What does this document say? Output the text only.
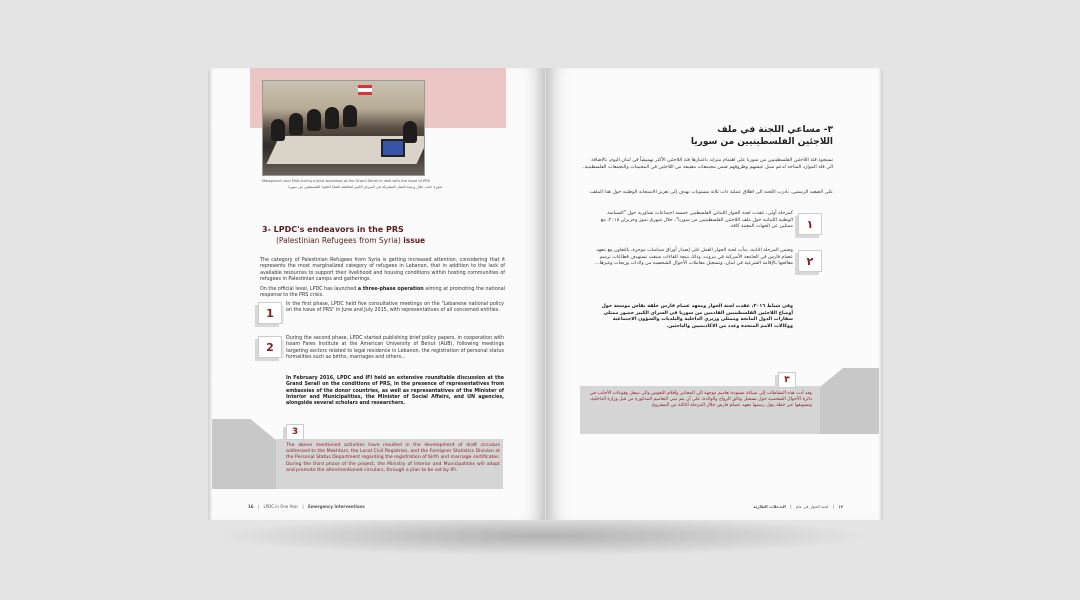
Mawgrouch and Mild during a joint workshop at the Grand Serail in deal with the issue of PRS
صورة جانب خلال ورشة العمل المشتركة في السراي الكبير لمناقشة قضايا اللجوء الفلسطيني من سوريا
3- LPDC's endeavors in the PRS
(Palestinian Refugees from Syria) issue
The category of Palestinian Refugees from Syria is getting increased attention, considering that it represents the most marginalized category of refugees in Lebanon, that in addition to the lack of available resources to support their livelihood and housing conditions within hosting communities of refugees in Palestinian camps and gatherings.
On the official level, LPDC has launched a three-phase operation aiming at promoting the national response to the PRS crisis.
1
In the first phase, LPDC held five consultative meetings on the "Lebanese national policy on the issue of PRS" in June and July 2015, with representatives of all concerned entities.
2
During the second phase, LPDC started publishing brief policy papers, in cooperation with Issam Fares Institute at the American University of Beirut (AUB), following meetings targeting sectors related to legal residence in Lebanon, the registration of personal status formalities such as births, marriages and others...
In February 2016, LPDC and IFI held an extensive roundtable discussion at the Grand Serail on the conditions of PRS, in the presence of representatives from embassies of the donor countries, as well as representatives of the Minister of Interior and Municipalities, the Minister of Social Affairs, and UN agencies, alongside several scholars and researchers.
3
The above mentioned activities have resulted in the development of draft circulars addressed to the Mokhtars, the Local Civil Registries, and the Foreigner Statistics Division at the Personal Status Department regarding the registration of birth and marriage certificates. During the third phase of the project, the Ministry of Interior and Municipalities will adopt and promote the aforementioned circulars, through a plan to be set by IFI.
16 | LPDC in One Year | Emergency Interventions
٣- مساعي اللجنة في ملف
اللاجئين الفلسطينيين من سوريا
تستحوذ فئة اللاجئين الفلسطينيين من سوريا على اهتمام متزايد باعتبارها فئة اللاجئين الأكثر تهميشاً في لبنان اليوم، بالاضافة الى قلة الموارد المتاحة لدعم سبل عيشهم وظروفهم ضمن مجتمعات مضيفة من اللاجئين في المخيمات والتجمعات الفلسطينية.
على الصعيد الرسمي، بادرت اللجنة الى اطلاق عملية ذات ثلاثة مستويات تهدف إلى تعزيز الاستجابة الوطنية حول هذا الملف.
١
كمرحلة أولى، عقدت لجنة الحوار اللبناني الفلسطيني خمسة اجتماعات تشاورية حول "السياسة الوطنية اللبنانية حول ملف اللاجئين الفلسطينيين من سوريا"، خلال شهري تموز وحزيران ٢٠١٥، مع ممثلين عن الجهات المعنية كافة.
٢
وضمن المرحلة الثانية، بدأت لجنة الحوار العمل على إصدار أوراق سياسات موجزة، بالتعاون مع معهد عصام فارس في الجامعة الأميركية في بيروت، وذلك نتيجة للقاءات سبقت تستهدف قطاعات ترسم معالجها بالإقامة الشرعية في لبنان، وتسجيل معاملات الأحوال الشخصية من ولادات وزيجات وغيرها...
وفي شباط ٢٠١٦، عقدت لجنة الحوار ومعهد عصام فارس حلقة نقاش موسعة حول أوضاع اللاجئين الفلسطينيين القادمين من سوريا في السراي الكبير حضور ممثلي سفارات الدول المانحة وممثلي وزيري الداخلية والبلديات والشؤون الاجتماعية ووكالات الامم المتحدة وعدد من الاكاديميين والباحثين.
٣
وقد أدت هذه النشاطات إلى صياغة مسودة تعاميم موجهة الى المخاتير وأقلام النفوس والى سجل وقوعات الأجانب في دائرة الأحوال الشخصية حول تسجيل وثائق الزواج والولادة، على أن يتم تبني التعاميم المذكورة من قبل وزارة الداخلية، وتسويقها عبر خطة يتول رسمها معهد عصام فارس خلال المرحلة الثالثة من المشروع.
١٧ | لجنة الحوار في عام | التدخلات الطارئة
